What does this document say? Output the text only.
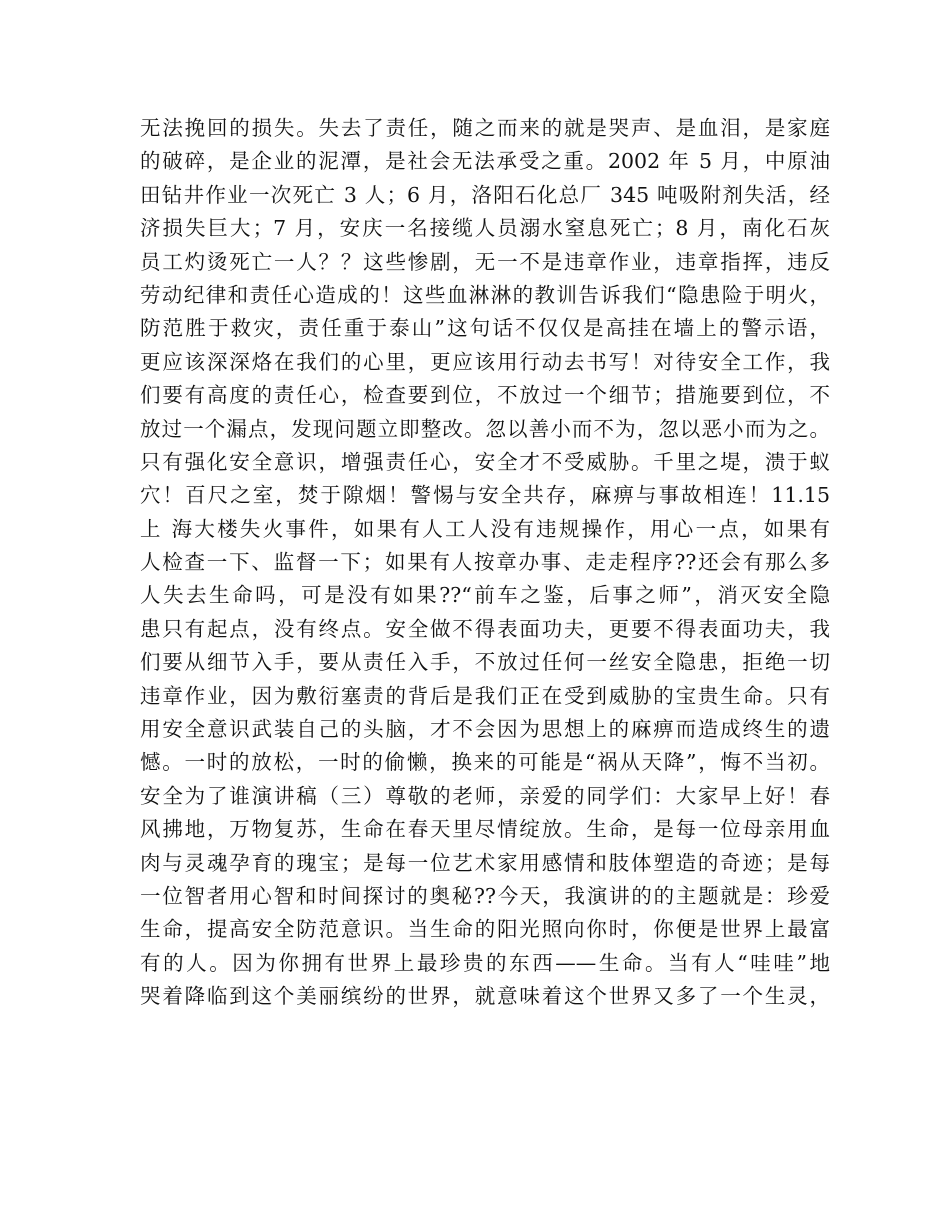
无法挽回的损失。失去了责任，随之而来的就是哭声、是血泪，是家庭
的破碎，是企业的泥潭，是社会无法承受之重。2002 年 5 月，中原油
田钻井作业一次死亡 3 人；6 月，洛阳石化总厂 345 吨吸附剂失活，经
济损失巨大；7 月，安庆一名接缆人员溺水窒息死亡；8 月，南化石灰
员工灼烫死亡一人？？这些惨剧，无一不是违章作业，违章指挥，违反
劳动纪律和责任心造成的！这些血淋淋的教训告诉我们“隐患险于明火，
防范胜于救灾，责任重于泰山”这句话不仅仅是高挂在墙上的警示语，
更应该深深烙在我们的心里，更应该用行动去书写！对待安全工作，我
们要有高度的责任心，检查要到位，不放过一个细节；措施要到位，不
放过一个漏点，发现问题立即整改。忽以善小而不为，忽以恶小而为之。
只有强化安全意识，增强责任心，安全才不受威胁。千里之堤，溃于蚁
穴！百尺之室，焚于隙烟！警惕与安全共存，麻痹与事故相连！11.15
上 海大楼失火事件，如果有人工人没有违规操作，用心一点，如果有
人检查一下、监督一下；如果有人按章办事、走走程序??还会有那么多
人失去生命吗，可是没有如果??“前车之鉴，后事之师”，消灭安全隐
患只有起点，没有终点。安全做不得表面功夫，更要不得表面功夫，我
们要从细节入手，要从责任入手，不放过任何一丝安全隐患，拒绝一切
违章作业，因为敷衍塞责的背后是我们正在受到威胁的宝贵生命。只有
用安全意识武装自己的头脑，才不会因为思想上的麻痹而造成终生的遗
憾。一时的放松，一时的偷懒，换来的可能是“祸从天降”，悔不当初。
安全为了谁演讲稿（三）尊敬的老师，亲爱的同学们：大家早上好！春
风拂地，万物复苏，生命在春天里尽情绽放。生命，是每一位母亲用血
肉与灵魂孕育的瑰宝；是每一位艺术家用感情和肢体塑造的奇迹；是每
一位智者用心智和时间探讨的奥秘??今天，我演讲的的主题就是：珍爱
生命，提高安全防范意识。当生命的阳光照向你时，你便是世界上最富
有的人。因为你拥有世界上最珍贵的东西——生命。当有人“哇哇”地
哭着降临到这个美丽缤纷的世界，就意味着这个世界又多了一个生灵，
